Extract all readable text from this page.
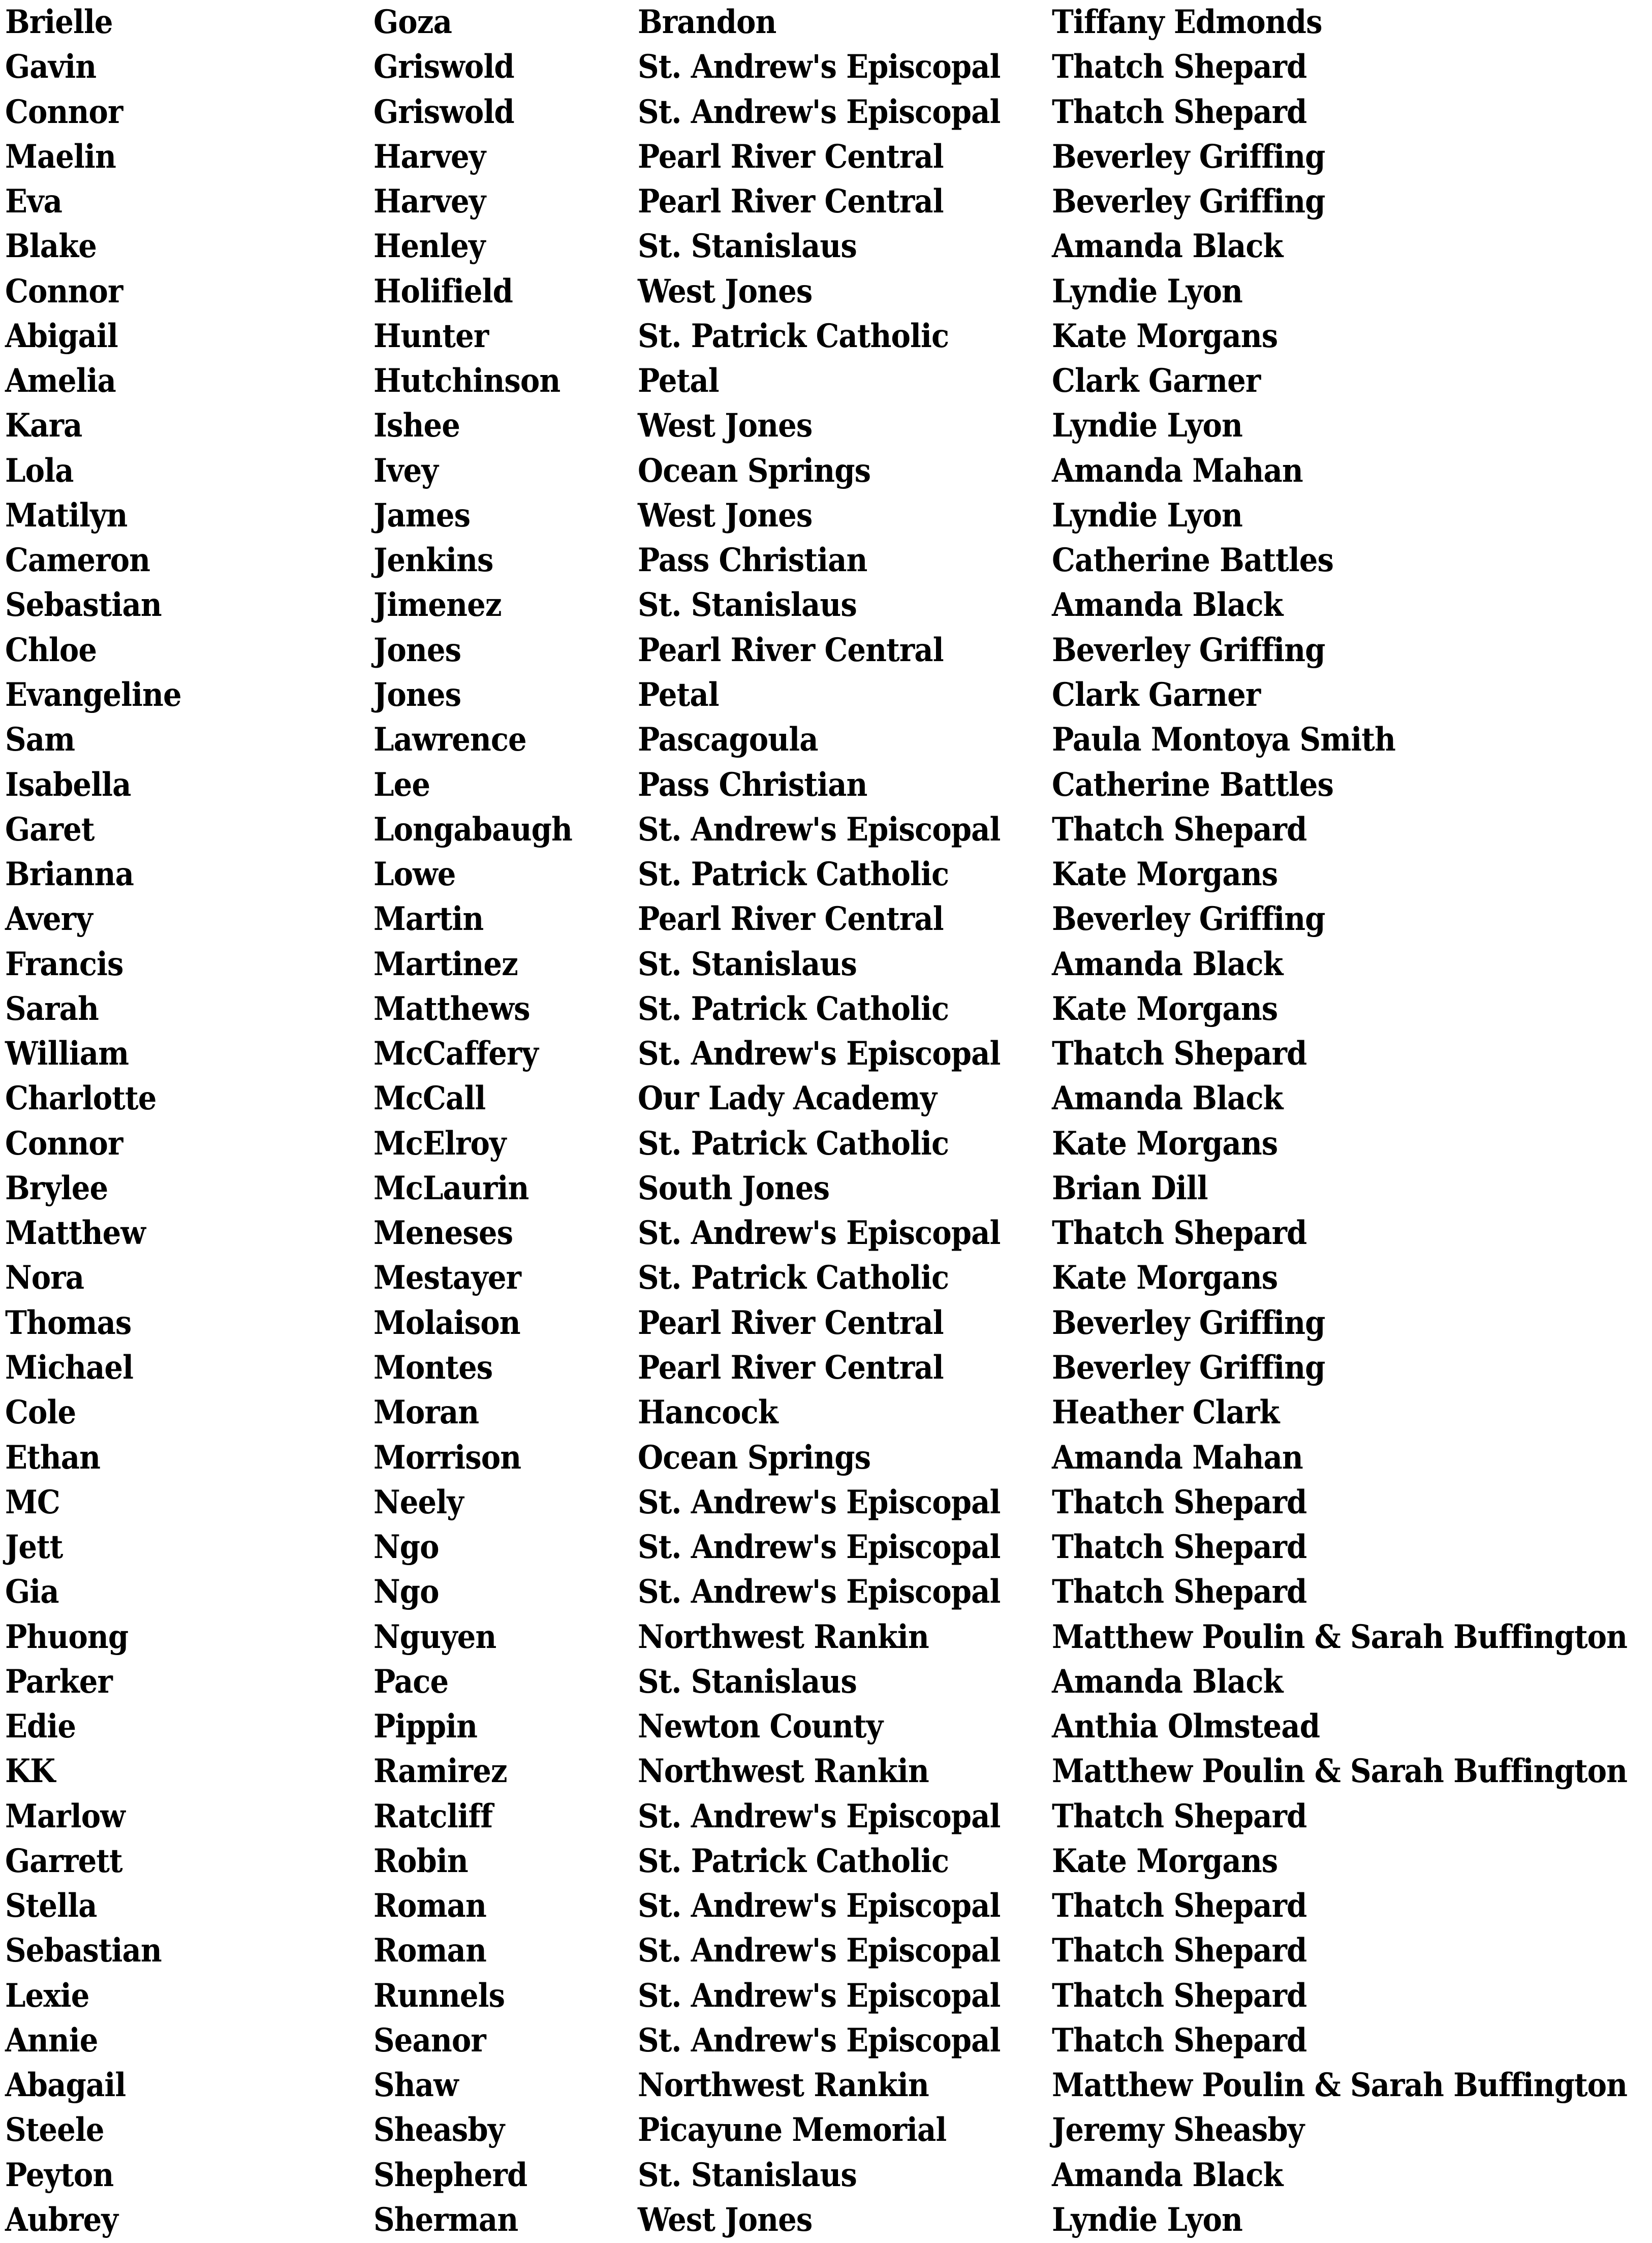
Brielle	Goza	Brandon	Tiffany Edmonds
Gavin	Griswold	St. Andrew's Episcopal	Thatch Shepard
Connor	Griswold	St. Andrew's Episcopal	Thatch Shepard
Maelin	Harvey	Pearl River Central	Beverley Griffing
Eva	Harvey	Pearl River Central	Beverley Griffing
Blake	Henley	St. Stanislaus	Amanda Black
Connor	Holifield	West Jones	Lyndie Lyon
Abigail	Hunter	St. Patrick Catholic	Kate Morgans
Amelia	Hutchinson	Petal	Clark Garner
Kara	Ishee	West Jones	Lyndie Lyon
Lola	Ivey	Ocean Springs	Amanda Mahan
Matilyn	James	West Jones	Lyndie Lyon
Cameron	Jenkins	Pass Christian	Catherine Battles
Sebastian	Jimenez	St. Stanislaus	Amanda Black
Chloe	Jones	Pearl River Central	Beverley Griffing
Evangeline	Jones	Petal	Clark Garner
Sam	Lawrence	Pascagoula	Paula Montoya Smith
Isabella	Lee	Pass Christian	Catherine Battles
Garet	Longabaugh	St. Andrew's Episcopal	Thatch Shepard
Brianna	Lowe	St. Patrick Catholic	Kate Morgans
Avery	Martin	Pearl River Central	Beverley Griffing
Francis	Martinez	St. Stanislaus	Amanda Black
Sarah	Matthews	St. Patrick Catholic	Kate Morgans
William	McCaffery	St. Andrew's Episcopal	Thatch Shepard
Charlotte	McCall	Our Lady Academy	Amanda Black
Connor	McElroy	St. Patrick Catholic	Kate Morgans
Brylee	McLaurin	South Jones	Brian Dill
Matthew	Meneses	St. Andrew's Episcopal	Thatch Shepard
Nora	Mestayer	St. Patrick Catholic	Kate Morgans
Thomas	Molaison	Pearl River Central	Beverley Griffing
Michael	Montes	Pearl River Central	Beverley Griffing
Cole	Moran	Hancock	Heather Clark
Ethan	Morrison	Ocean Springs	Amanda Mahan
MC	Neely	St. Andrew's Episcopal	Thatch Shepard
Jett	Ngo	St. Andrew's Episcopal	Thatch Shepard
Gia	Ngo	St. Andrew's Episcopal	Thatch Shepard
Phuong	Nguyen	Northwest Rankin	Matthew Poulin & Sarah Buffington
Parker	Pace	St. Stanislaus	Amanda Black
Edie	Pippin	Newton County	Anthia Olmstead
KK	Ramirez	Northwest Rankin	Matthew Poulin & Sarah Buffington
Marlow	Ratcliff	St. Andrew's Episcopal	Thatch Shepard
Garrett	Robin	St. Patrick Catholic	Kate Morgans
Stella	Roman	St. Andrew's Episcopal	Thatch Shepard
Sebastian	Roman	St. Andrew's Episcopal	Thatch Shepard
Lexie	Runnels	St. Andrew's Episcopal	Thatch Shepard
Annie	Seanor	St. Andrew's Episcopal	Thatch Shepard
Abagail	Shaw	Northwest Rankin	Matthew Poulin & Sarah Buffington
Steele	Sheasby	Picayune Memorial	Jeremy Sheasby
Peyton	Shepherd	St. Stanislaus	Amanda Black
Aubrey	Sherman	West Jones	Lyndie Lyon
